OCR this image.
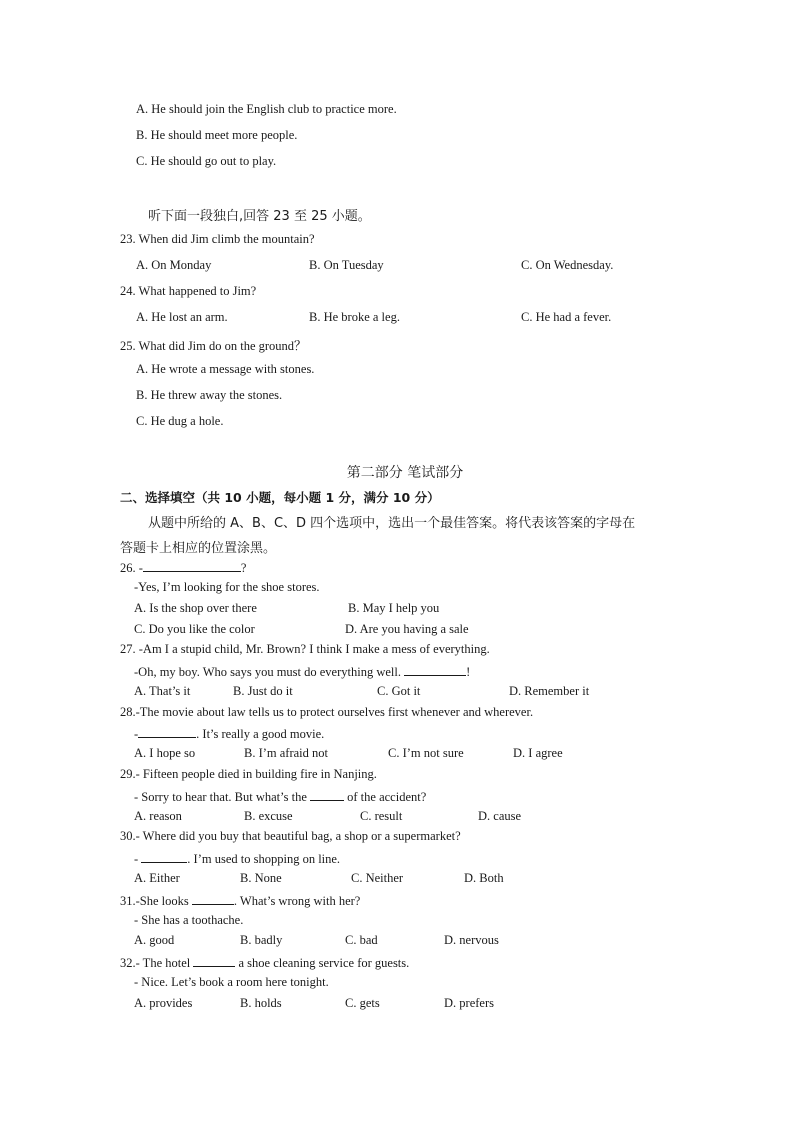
A. He should join the English club to practice more.
B. He should meet more people.
C. He should go out to play.
听下面一段独白,回答 23 至 25 小题。
23. When did Jim climb the mountain?
A. On Monday	B. On Tuesday	C. On Wednesday.
24. What happened to Jim?
A. He lost an arm.	B. He broke a leg.	C. He had a fever.
25. What did Jim do on the ground？
A. He wrote a message with stones.
B. He threw away the stones.
C. He dug a hole.
第二部分 笔试部分
二、选择填空（共 10 小题，每小题 1 分，满分 10 分）
从题中所给的 A、B、C、D 四个选项中，选出一个最佳答案。将代表该答案的字母在
答题卡上相应的位置涂黑。
26. -	?
-Yes, I’m looking for the shoe stores.
A. Is the shop over there	B. May I help you
C. Do you like the color	D. Are you having a sale
27. -Am I a stupid child, Mr. Brown? I think I make a mess of everything.
-Oh, my boy. Who says you must do everything well.	!
A. That’s it	B. Just do it	C. Got it	D. Remember it
28.-The movie about law tells us to protect ourselves first whenever and wherever.
-	. It’s really a good movie.
A. I hope so	B. I’m afraid not	C. I’m not sure	D. I agree
29.- Fifteen people died in building fire in Nanjing.
- Sorry to hear that. But what’s the	of the accident?
A. reason	B. excuse	C. result	D. cause
30.- Where did you buy that beautiful bag, a shop or a supermarket?
-	. I’m used to shopping on line.
A. Either	B. None	C. Neither	D. Both
31.-She looks	. What’s wrong with her?
- She has a toothache.
A. good	B. badly	C. bad	D. nervous
32.- The hotel	a shoe cleaning service for guests.
- Nice. Let’s book a room here tonight.
A. provides	B. holds	C. gets	D. prefers
